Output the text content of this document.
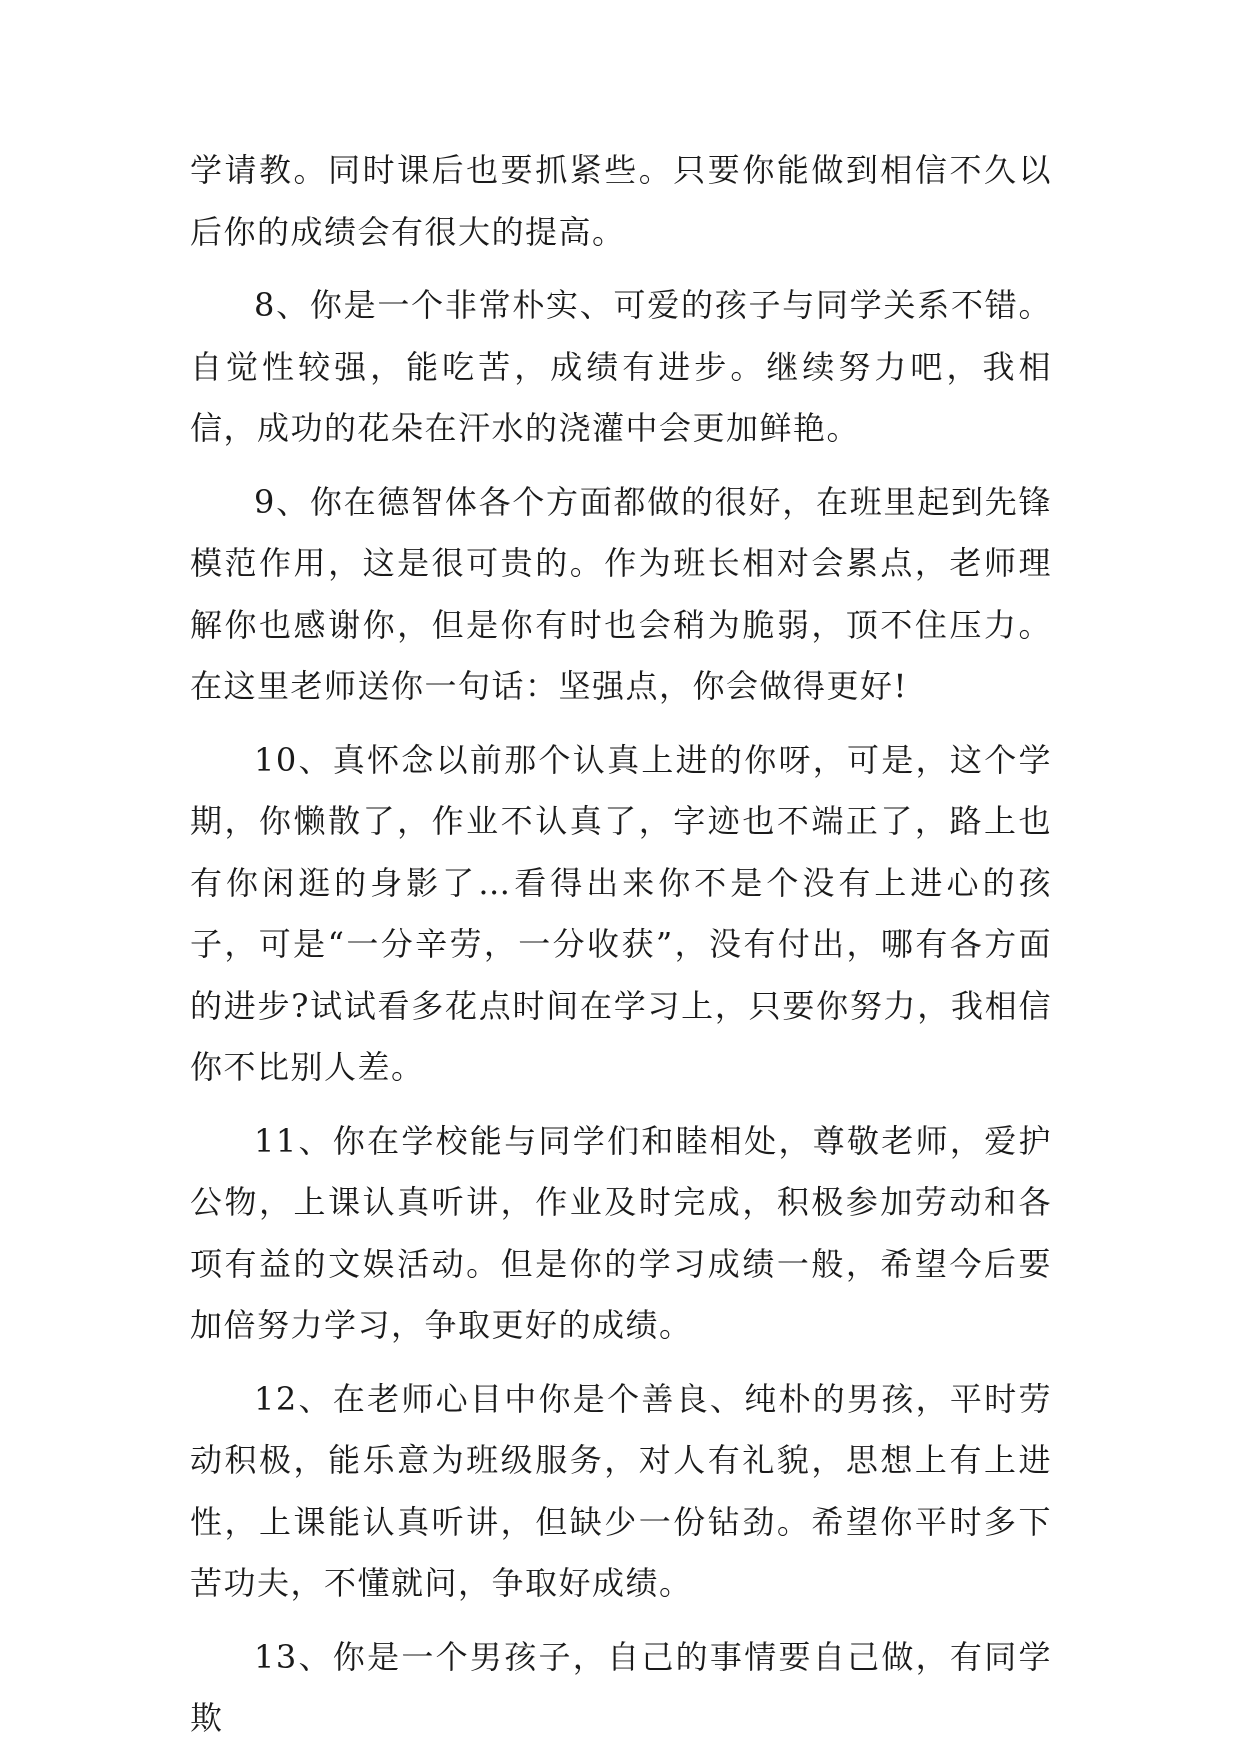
学请教。同时课后也要抓紧些。只要你能做到相信不久以后你的成绩会有很大的提高。

8、你是一个非常朴实、可爱的孩子与同学关系不错。自觉性较强，能吃苦，成绩有进步。继续努力吧，我相信，成功的花朵在汗水的浇灌中会更加鲜艳。

9、你在德智体各个方面都做的很好，在班里起到先锋模范作用，这是很可贵的。作为班长相对会累点，老师理解你也感谢你，但是你有时也会稍为脆弱，顶不住压力。在这里老师送你一句话：坚强点，你会做得更好!

10、真怀念以前那个认真上进的你呀，可是，这个学期，你懒散了，作业不认真了，字迹也不端正了，路上也有你闲逛的身影了…看得出来你不是个没有上进心的孩子，可是“一分辛劳，一分收获”，没有付出，哪有各方面的进步?试试看多花点时间在学习上，只要你努力，我相信你不比别人差。

11、你在学校能与同学们和睦相处，尊敬老师，爱护公物，上课认真听讲，作业及时完成，积极参加劳动和各项有益的文娱活动。但是你的学习成绩一般，希望今后要加倍努力学习，争取更好的成绩。

12、在老师心目中你是个善良、纯朴的男孩，平时劳动积极，能乐意为班级服务，对人有礼貌，思想上有上进性，上课能认真听讲，但缺少一份钻劲。希望你平时多下苦功夫，不懂就问，争取好成绩。

13、你是一个男孩子，自己的事情要自己做，有同学欺
